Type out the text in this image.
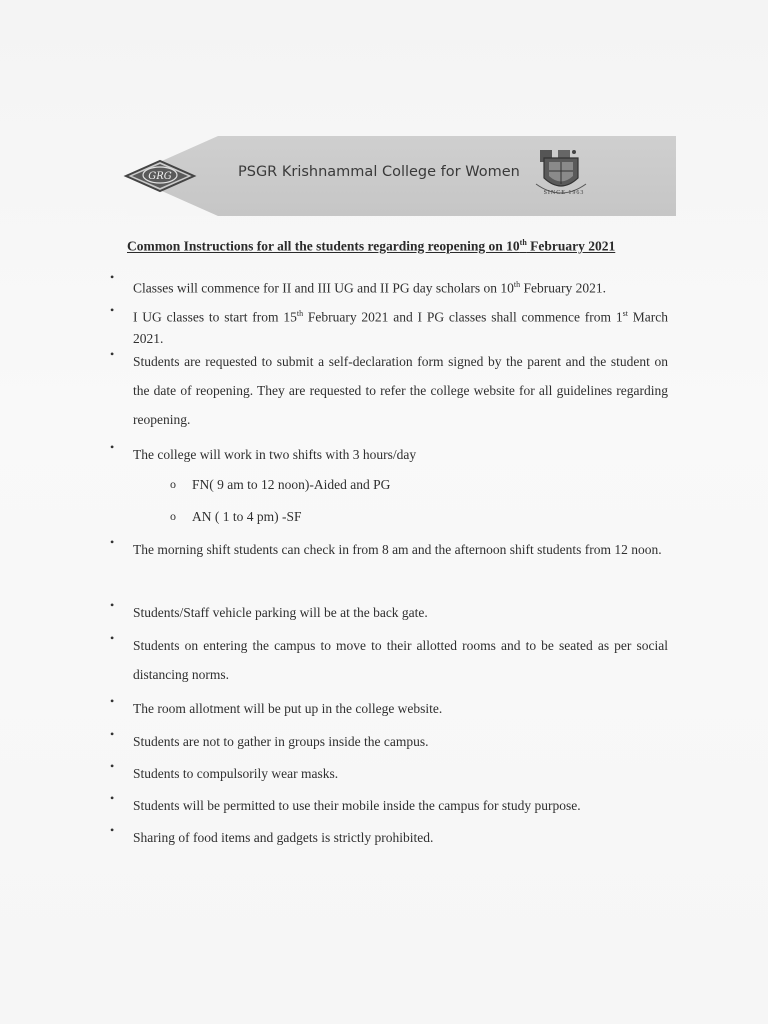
GRG	PSGR Krishnammal College for Women
SINCE 1963
Common Instructions for all the students regarding reopening on 10th February 2021
•
Classes will commence for II and III UG and II PG day scholars on 10th February 2021.
•	I UG classes to start from 15th February 2021 and I PG classes shall commence from 1st March 2021.
•	Students are requested to submit a self-declaration form signed by the parent and the student on the date of reopening. They are requested to refer the college website for all guidelines regarding reopening.
•	The college will work in two shifts with 3 hours/day
o FN( 9 am to 12 noon)-Aided and PG
o AN ( 1 to 4 pm) -SF
•	The morning shift students can check in from 8 am and the afternoon shift students from 12 noon.
•	Students/Staff vehicle parking will be at the back gate.
•	Students on entering the campus to move to their allotted rooms and to be seated as per social distancing norms.
•	The room allotment will be put up in the college website.
•	Students are not to gather in groups inside the campus.
•	Students to compulsorily wear masks.
•	Students will be permitted to use their mobile inside the campus for study purpose.
•	Sharing of food items and gadgets is strictly prohibited.
